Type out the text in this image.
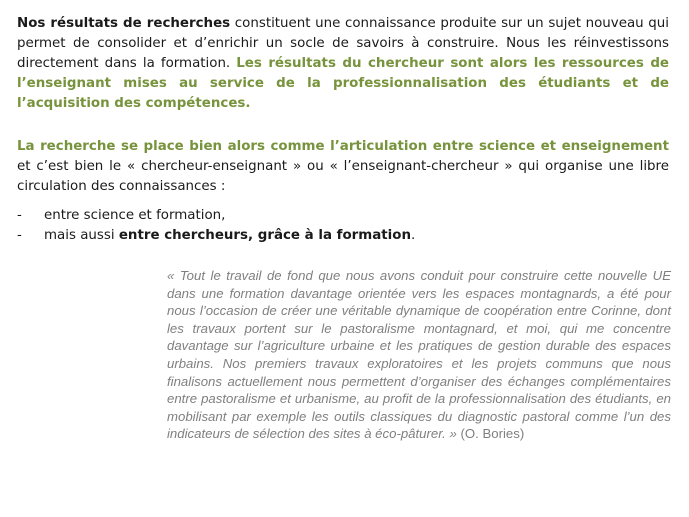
Nos résultats de recherches constituent une connaissance produite sur un sujet nouveau qui permet de consolider et d’enrichir un socle de savoirs à construire. Nous les réinvestissons directement dans la formation. Les résultats du chercheur sont alors les ressources de l’enseignant mises au service de la professionnalisation des étudiants et de l’acquisition des compétences.
La recherche se place bien alors comme l’articulation entre science et enseignement et c’est bien le « chercheur-enseignant » ou « l’enseignant-chercheur » qui organise une libre circulation des connaissances :
-	entre science et formation,
-	mais aussi entre chercheurs, grâce à la formation.
« Tout le travail de fond que nous avons conduit pour construire cette nouvelle UE dans une formation davantage orientée vers les espaces montagnards, a été pour nous l’occasion de créer une véritable dynamique de coopération entre Corinne, dont les travaux portent sur le pastoralisme montagnard, et moi, qui me concentre davantage sur l’agriculture urbaine et les pratiques de gestion durable des espaces urbains. Nos premiers travaux exploratoires et les projets communs que nous finalisons actuellement nous permettent d’organiser des échanges complémentaires entre pastoralisme et urbanisme, au profit de la professionnalisation des étudiants, en mobilisant par exemple les outils classiques du diagnostic pastoral comme l’un des indicateurs de sélection des sites à éco-pâturer. » (O. Bories)
